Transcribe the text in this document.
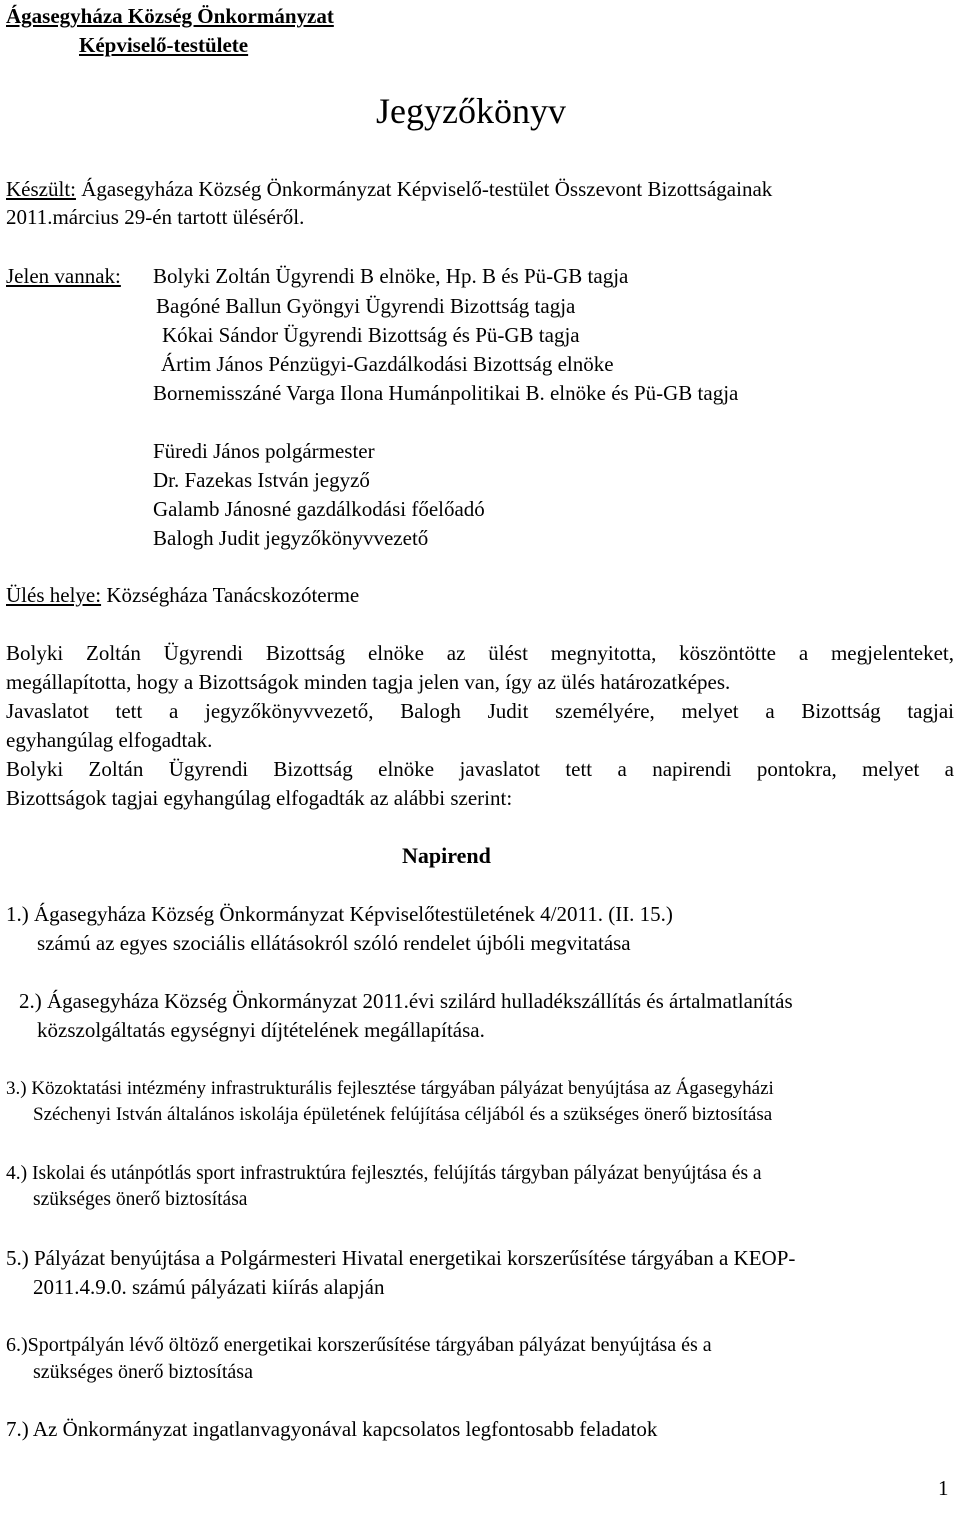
Ágasegyháza Község Önkormányzat
Képviselő-testülete
Jegyzőkönyv
Készült: Ágasegyháza Község Önkormányzat Képviselő-testület Összevont Bizottságainak
2011.március 29-én tartott üléséről.
Jelen vannak: Bolyki Zoltán Ügyrendi B elnöke, Hp. B és Pü-GB tagja
Bagóné Ballun Gyöngyi Ügyrendi Bizottság tagja
Kókai Sándor Ügyrendi Bizottság és Pü-GB tagja
Ártim János Pénzügyi-Gazdálkodási Bizottság elnöke
Bornemisszáné Varga Ilona Humánpolitikai B. elnöke és Pü-GB tagja
Füredi János polgármester
Dr. Fazekas István jegyző
Galamb Jánosné gazdálkodási főelőadó
Balogh Judit jegyzőkönyvvezető
Ülés helye: Községháza Tanácskozóterme
Bolyki Zoltán Ügyrendi Bizottság elnöke az ülést megnyitotta, köszöntötte a megjelenteket,
megállapította, hogy a Bizottságok minden tagja jelen van, így az ülés határozatképes.
Javaslatot tett a jegyzőkönyvvezető, Balogh Judit személyére, melyet a Bizottság tagjai
egyhangúlag elfogadtak.
Bolyki Zoltán Ügyrendi Bizottság elnöke javaslatot tett a napirendi pontokra, melyet a
Bizottságok tagjai egyhangúlag elfogadták az alábbi szerint:
Napirend
1.) Ágasegyháza Község Önkormányzat Képviselőtestületének 4/2011. (II. 15.)
számú az egyes szociális ellátásokról szóló rendelet újbóli megvitatása
2.) Ágasegyháza Község Önkormányzat 2011.évi szilárd hulladékszállítás és ártalmatlanítás
közszolgáltatás egységnyi díjtételének megállapítása.
3.) Közoktatási intézmény infrastrukturális fejlesztése tárgyában pályázat benyújtása az Ágasegyházi
Széchenyi István általános iskolája épületének felújítása céljából és a szükséges önerő biztosítása
4.) Iskolai és utánpótlás sport infrastruktúra fejlesztés, felújítás tárgyban pályázat benyújtása és a
szükséges önerő biztosítása
5.) Pályázat benyújtása a Polgármesteri Hivatal energetikai korszerűsítése tárgyában a KEOP-
2011.4.9.0. számú pályázati kiírás alapján
6.)Sportpályán lévő öltöző energetikai korszerűsítése tárgyában pályázat benyújtása és a
szükséges önerő biztosítása
7.) Az Önkormányzat ingatlanvagyonával kapcsolatos legfontosabb feladatok
1
